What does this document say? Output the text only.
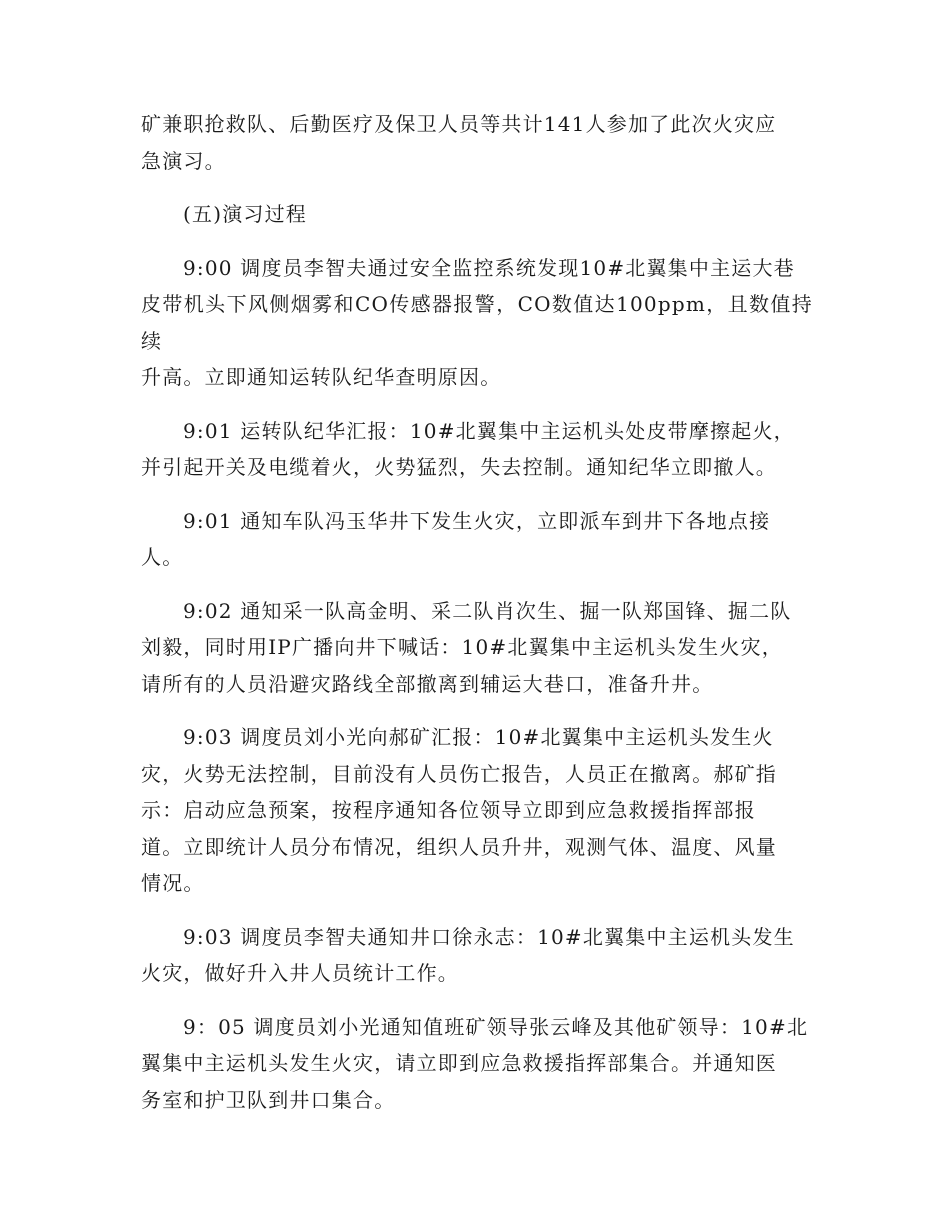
矿兼职抢救队、后勤医疗及保卫人员等共计141人参加了此次火灾应
急演习。

(五)演习过程

9:00 调度员李智夫通过安全监控系统发现10#北翼集中主运大巷
皮带机头下风侧烟雾和CO传感器报警，CO数值达100ppm，且数值持续
升高。立即通知运转队纪华查明原因。

9:01 运转队纪华汇报：10#北翼集中主运机头处皮带摩擦起火，
并引起开关及电缆着火，火势猛烈，失去控制。通知纪华立即撤人。

9:01 通知车队冯玉华井下发生火灾，立即派车到井下各地点接
人。

9:02 通知采一队高金明、采二队肖次生、掘一队郑国锋、掘二队
刘毅，同时用IP广播向井下喊话：10#北翼集中主运机头发生火灾，
请所有的人员沿避灾路线全部撤离到辅运大巷口，准备升井。

9:03 调度员刘小光向郝矿汇报：10#北翼集中主运机头发生火
灾，火势无法控制，目前没有人员伤亡报告，人员正在撤离。郝矿指
示：启动应急预案，按程序通知各位领导立即到应急救援指挥部报
道。立即统计人员分布情况，组织人员升井，观测气体、温度、风量
情况。

9:03 调度员李智夫通知井口徐永志：10#北翼集中主运机头发生
火灾，做好升入井人员统计工作。

9：05 调度员刘小光通知值班矿领导张云峰及其他矿领导：10#北
翼集中主运机头发生火灾，请立即到应急救援指挥部集合。并通知医
务室和护卫队到井口集合。
